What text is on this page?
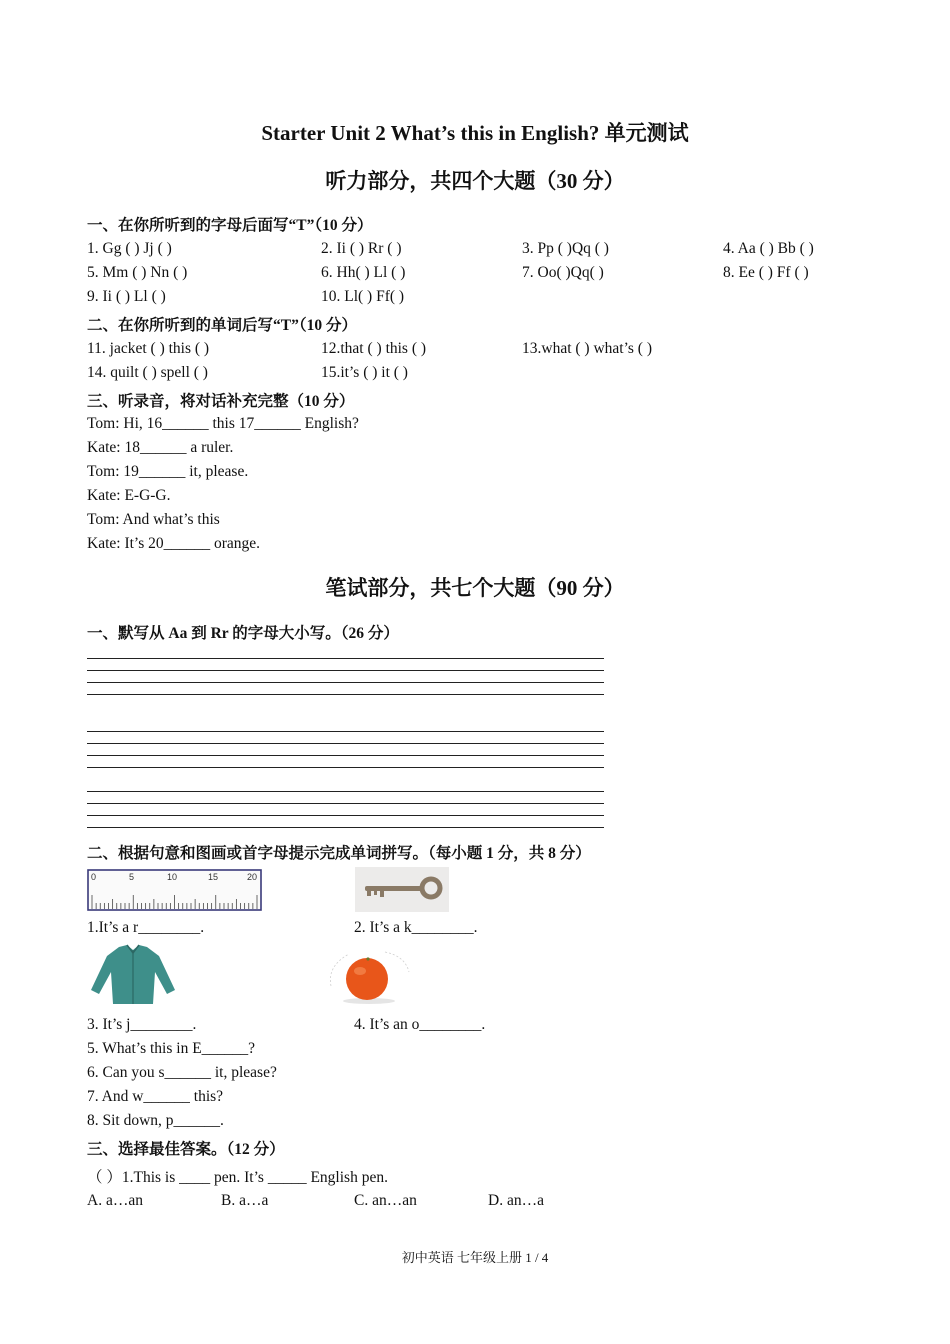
Starter Unit 2 What’s this in English? 单元测试
听力部分，共四个大题（30 分）
一、在你所听到的字母后面写“T”（10 分）
1. Gg ( ) Jj ( )	2. Ii ( ) Rr ( )	3. Pp ( )Qq ( )	4. Aa ( ) Bb ( )
5. Mm ( ) Nn ( )	6. Hh( ) Ll ( )	7. Oo( )Qq( )	8. Ee ( ) Ff ( )
9. Ii ( ) Ll ( )	10. Ll( ) Ff( )
二、在你所听到的单词后写“T”（10 分）
11. jacket ( ) this ( )	12.that ( ) this ( )	13.what ( ) what’s ( )
14. quilt ( ) spell ( )	15.it’s ( ) it ( )
三、听录音，将对话补充完整（10 分）
Tom: Hi, 16______ this 17______ English?
Kate: 18______ a ruler.
Tom: 19______ it, please.
Kate: E-G-G.
Tom: And what’s this
Kate: It’s 20______ orange.
笔试部分，共七个大题（90 分）
一、默写从 Aa 到 Rr 的字母大小写。（26 分）
二、根据句意和图画或首字母提示完成单词拼写。（每小题 1 分，共 8 分）
0	5	10	15	20
1.It’s a r________.	2. It’s a k________.
3. It’s j________.	4. It’s an o________.
5. What’s this in E______?
6. Can you s______ it, please?
7. And w______ this?
8. Sit down, p______.
三、选择最佳答案。（12 分）
（ ）1.This is ____ pen. It’s _____ English pen.
A. a…an	B. a…a	C. an…an	D. an…a
初中英语 七年级上册 1 / 4
